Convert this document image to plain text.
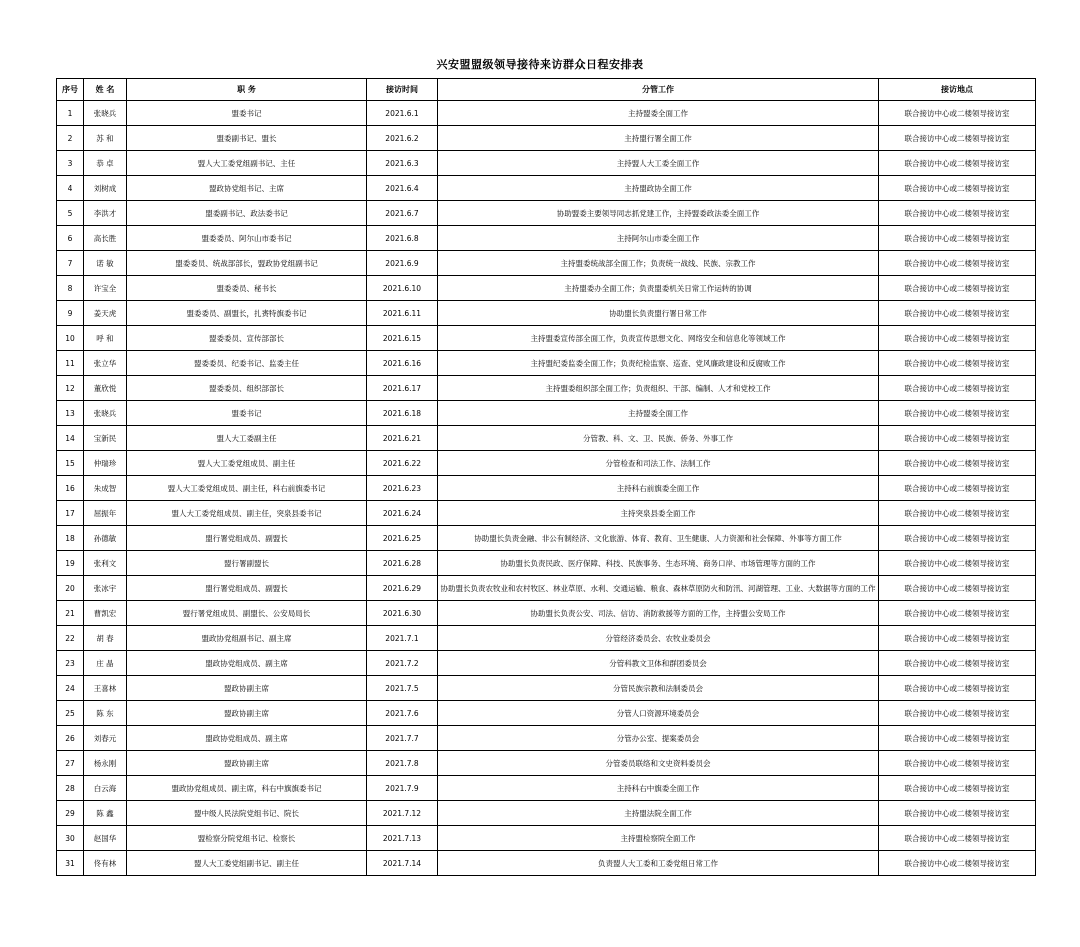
兴安盟盟级领导接待来访群众日程安排表
序号	姓 名	职 务	接访时间	分管工作	接访地点
1	张晓兵	盟委书记	2021.6.1	主持盟委全面工作	联合接访中心或二楼领导接访室
2	苏 和	盟委副书记、盟长	2021.6.2	主持盟行署全面工作	联合接访中心或二楼领导接访室
3	恭 卓	盟人大工委党组副书记、主任	2021.6.3	主持盟人大工委全面工作	联合接访中心或二楼领导接访室
4	刘树成	盟政协党组书记、主席	2021.6.4	主持盟政协全面工作	联合接访中心或二楼领导接访室
5	李洪才	盟委副书记、政法委书记	2021.6.7	协助盟委主要领导同志抓党建工作，主持盟委政法委全面工作	联合接访中心或二楼领导接访室
6	高长胜	盟委委员、阿尔山市委书记	2021.6.8	主持阿尔山市委全面工作	联合接访中心或二楼领导接访室
7	诺 敏	盟委委员、统战部部长，盟政协党组副书记	2021.6.9	主持盟委统战部全面工作；负责统一战线、民族、宗教工作	联合接访中心或二楼领导接访室
8	许宝全	盟委委员、秘书长	2021.6.10	主持盟委办全面工作；负责盟委机关日常工作运转的协调	联合接访中心或二楼领导接访室
9	姜天虎	盟委委员、副盟长，扎赉特旗委书记	2021.6.11	协助盟长负责盟行署日常工作	联合接访中心或二楼领导接访室
10	呼 和	盟委委员、宣传部部长	2021.6.15	主持盟委宣传部全面工作，负责宣传思想文化、网络安全和信息化等领域工作	联合接访中心或二楼领导接访室
11	张立华	盟委委员、纪委书记、监委主任	2021.6.16	主持盟纪委监委全面工作；负责纪检监察、巡查、党风廉政建设和反腐败工作	联合接访中心或二楼领导接访室
12	董欣悦	盟委委员、组织部部长	2021.6.17	主持盟委组织部全面工作；负责组织、干部、编制、人才和党校工作	联合接访中心或二楼领导接访室
13	张晓兵	盟委书记	2021.6.18	主持盟委全面工作	联合接访中心或二楼领导接访室
14	宝新民	盟人大工委副主任	2021.6.21	分管教、科、文、卫、民族、侨务、外事工作	联合接访中心或二楼领导接访室
15	仲瑞珍	盟人大工委党组成员、副主任	2021.6.22	分管检查和司法工作、法制工作	联合接访中心或二楼领导接访室
16	朱成智	盟人大工委党组成员、副主任，科右前旗委书记	2021.6.23	主持科右前旗委全面工作	联合接访中心或二楼领导接访室
17	屈振年	盟人大工委党组成员、副主任，突泉县委书记	2021.6.24	主持突泉县委全面工作	联合接访中心或二楼领导接访室
18	孙德敏	盟行署党组成员、副盟长	2021.6.25	协助盟长负责金融、非公有制经济、文化旅游、体育、教育、卫生健康、人力资源和社会保障、外事等方面工作	联合接访中心或二楼领导接访室
19	张利文	盟行署副盟长	2021.6.28	协助盟长负责民政、医疗保障、科技、民族事务、生态环境、商务口岸、市场管理等方面的工作	联合接访中心或二楼领导接访室
20	张冰宇	盟行署党组成员、副盟长	2021.6.29	协助盟长负责农牧业和农村牧区、林业草原、水利、交通运输、粮食、森林草原防火和防汛、河湖管理、工业、大数据等方面的工作	联合接访中心或二楼领导接访室
21	曹凯宏	盟行署党组成员、副盟长、公安局局长	2021.6.30	协助盟长负责公安、司法、信访、消防救援等方面的工作，主持盟公安局工作	联合接访中心或二楼领导接访室
22	胡 春	盟政协党组副书记、副主席	2021.7.1	分管经济委员会、农牧业委员会	联合接访中心或二楼领导接访室
23	庄 晶	盟政协党组成员、副主席	2021.7.2	分管科教文卫体和群团委员会	联合接访中心或二楼领导接访室
24	王喜林	盟政协副主席	2021.7.5	分管民族宗教和法制委员会	联合接访中心或二楼领导接访室
25	陈 东	盟政协副主席	2021.7.6	分管人口资源环境委员会	联合接访中心或二楼领导接访室
26	刘春元	盟政协党组成员、副主席	2021.7.7	分管办公室、提案委员会	联合接访中心或二楼领导接访室
27	杨永刚	盟政协副主席	2021.7.8	分管委员联络和文史资料委员会	联合接访中心或二楼领导接访室
28	白云海	盟政协党组成员、副主席，科右中旗旗委书记	2021.7.9	主持科右中旗委全面工作	联合接访中心或二楼领导接访室
29	陈 鑫	盟中级人民法院党组书记、院长	2021.7.12	主持盟法院全面工作	联合接访中心或二楼领导接访室
30	赵国华	盟检察分院党组书记、检察长	2021.7.13	主持盟检察院全面工作	联合接访中心或二楼领导接访室
31	佟有林	盟人大工委党组副书记、副主任	2021.7.14	负责盟人大工委和工委党组日常工作	联合接访中心或二楼领导接访室
